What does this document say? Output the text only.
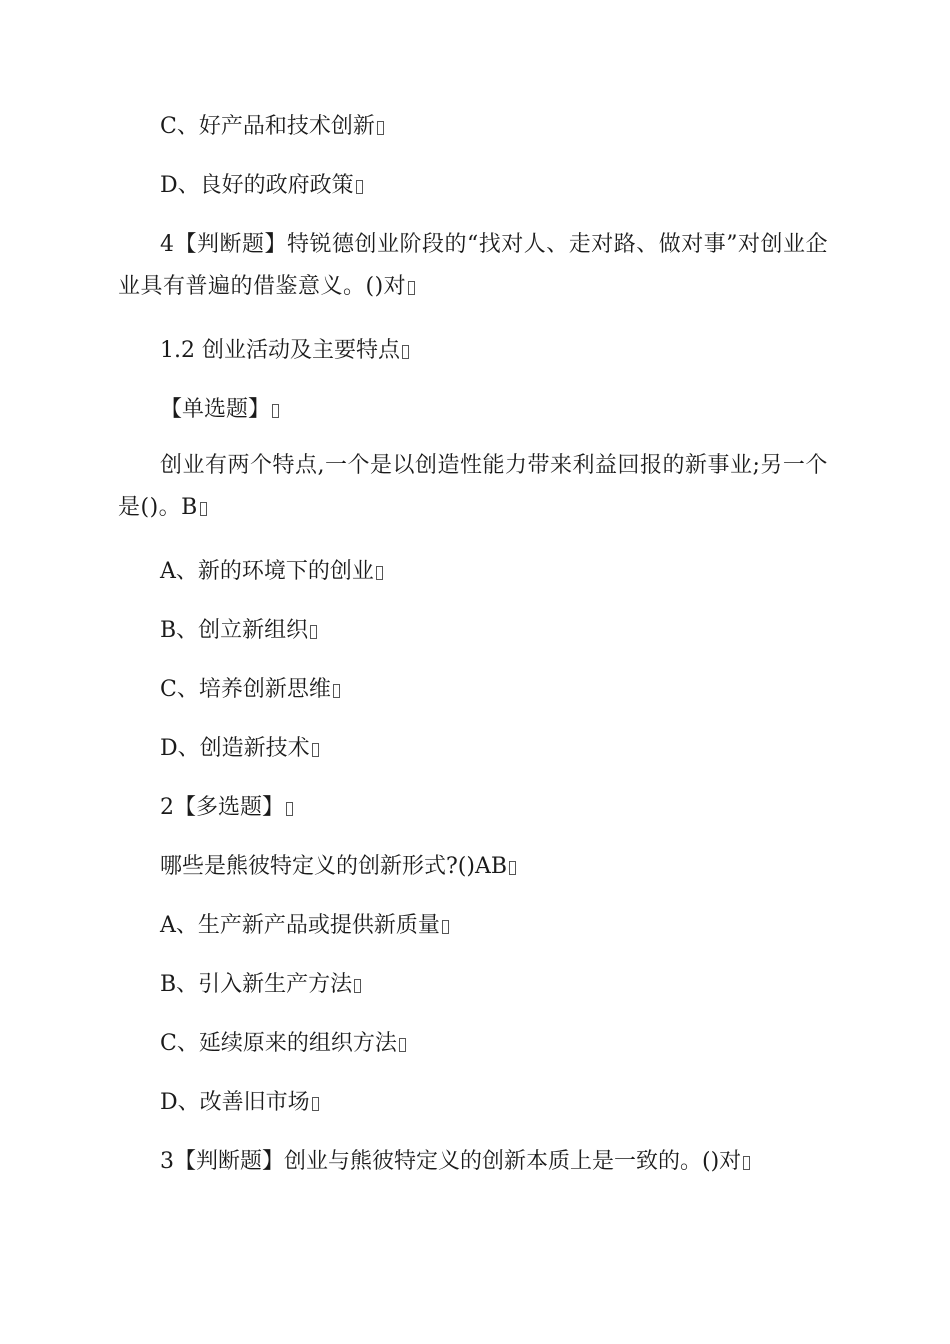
C、好产品和技术创新
D、良好的政府政策
4【判断题】特锐德创业阶段的“找对人、走对路、做对事”对创业企业具有普遍的借鉴意义。()对
1.2 创业活动及主要特点
【单选题】
创业有两个特点,一个是以创造性能力带来利益回报的新事业;另一个是()。B
A、新的环境下的创业
B、创立新组织
C、培养创新思维
D、创造新技术
2【多选题】
哪些是熊彼特定义的创新形式?()AB
A、生产新产品或提供新质量
B、引入新生产方法
C、延续原来的组织方法
D、改善旧市场
3【判断题】创业与熊彼特定义的创新本质上是一致的。()对
